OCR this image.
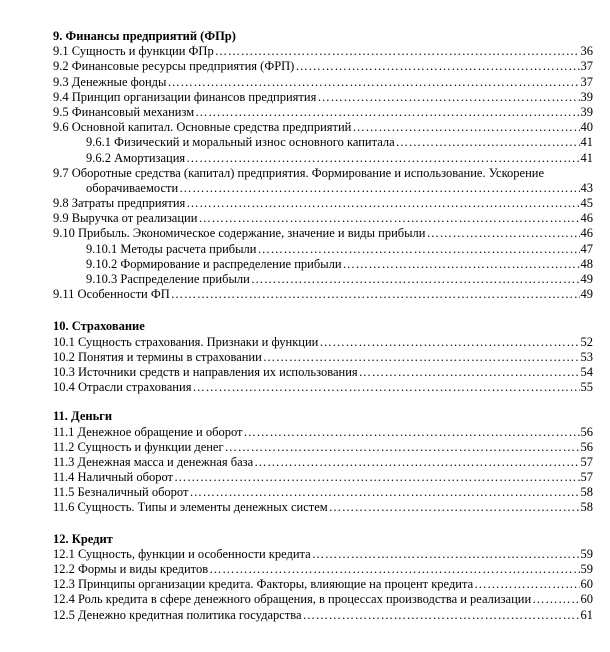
9. Финансы предприятий (ФПр)
9.1 Сущность и функции ФПр ……………………………………………………………………………………………………………………………………………………………………………………………………………	36
9.2 Финансовые ресурсы предприятия (ФРП) ……………………………………………………………………………………………………………………………………………………………………………………………………………	37
9.3 Денежные фонды ……………………………………………………………………………………………………………………………………………………………………………………………………………	37
9.4 Принцип организации финансов предприятия ……………………………………………………………………………………………………………………………………………………………………………………………………………	39
9.5 Финансовый механизм ……………………………………………………………………………………………………………………………………………………………………………………………………………	39
9.6 Основной капитал. Основные средства предприятий ……………………………………………………………………………………………………………………………………………………………………………………………………………	40
9.6.1 Физический и моральный износ основного капитала ……………………………………………………………………………………………………………………………………………………………………………………………………………	41
9.6.2 Амортизация ……………………………………………………………………………………………………………………………………………………………………………………………………………	41
9.7 Оборотные средства (капитал) предприятия. Формирование и использование. Ускорение
оборачиваемости ……………………………………………………………………………………………………………………………………………………………………………………………………………	43
9.8 Затраты предприятия ……………………………………………………………………………………………………………………………………………………………………………………………………………	45
9.9 Выручка от реализации ……………………………………………………………………………………………………………………………………………………………………………………………………………	46
9.10 Прибыль. Экономическое содержание, значение и виды прибыли ……………………………………………………………………………………………………………………………………………………………………………………………………………	46
9.10.1 Методы расчета прибыли ……………………………………………………………………………………………………………………………………………………………………………………………………………	47
9.10.2 Формирование и распределение прибыли ……………………………………………………………………………………………………………………………………………………………………………………………………………	48
9.10.3 Распределение прибыли ……………………………………………………………………………………………………………………………………………………………………………………………………………	49
9.11 Особенности ФП ……………………………………………………………………………………………………………………………………………………………………………………………………………	49
10. Страхование
10.1 Сущность страхования. Признаки и функции ……………………………………………………………………………………………………………………………………………………………………………………………………………	52
10.2 Понятия и термины в страховании ……………………………………………………………………………………………………………………………………………………………………………………………………………	53
10.3 Источники средств и направления их использования ……………………………………………………………………………………………………………………………………………………………………………………………………………	54
10.4 Отрасли страхования ……………………………………………………………………………………………………………………………………………………………………………………………………………	55
11. Деньги
11.1 Денежное обращение и оборот ……………………………………………………………………………………………………………………………………………………………………………………………………………	56
11.2 Сущность и функции денег ……………………………………………………………………………………………………………………………………………………………………………………………………………	56
11.3 Денежная масса и денежная база ……………………………………………………………………………………………………………………………………………………………………………………………………………	57
11.4 Наличный оборот ……………………………………………………………………………………………………………………………………………………………………………………………………………	57
11.5 Безналичный оборот ……………………………………………………………………………………………………………………………………………………………………………………………………………	58
11.6 Сущность. Типы и элементы денежных систем ……………………………………………………………………………………………………………………………………………………………………………………………………………	58
12. Кредит
12.1 Сущность, функции и особенности кредита ……………………………………………………………………………………………………………………………………………………………………………………………………………	59
12.2 Формы и виды кредитов ……………………………………………………………………………………………………………………………………………………………………………………………………………	59
12.3 Принципы организации кредита. Факторы, влияющие на процент кредита ……………………………………………………………………………………………………………………………………………………………………………………………………………	60
12.4 Роль кредита в сфере денежного обращения, в процессах производства и реализации ……………………………………………………………………………………………………………………………………………………………………………………………………………	60
12.5 Денежно кредитная политика государства ……………………………………………………………………………………………………………………………………………………………………………………………………………	61
